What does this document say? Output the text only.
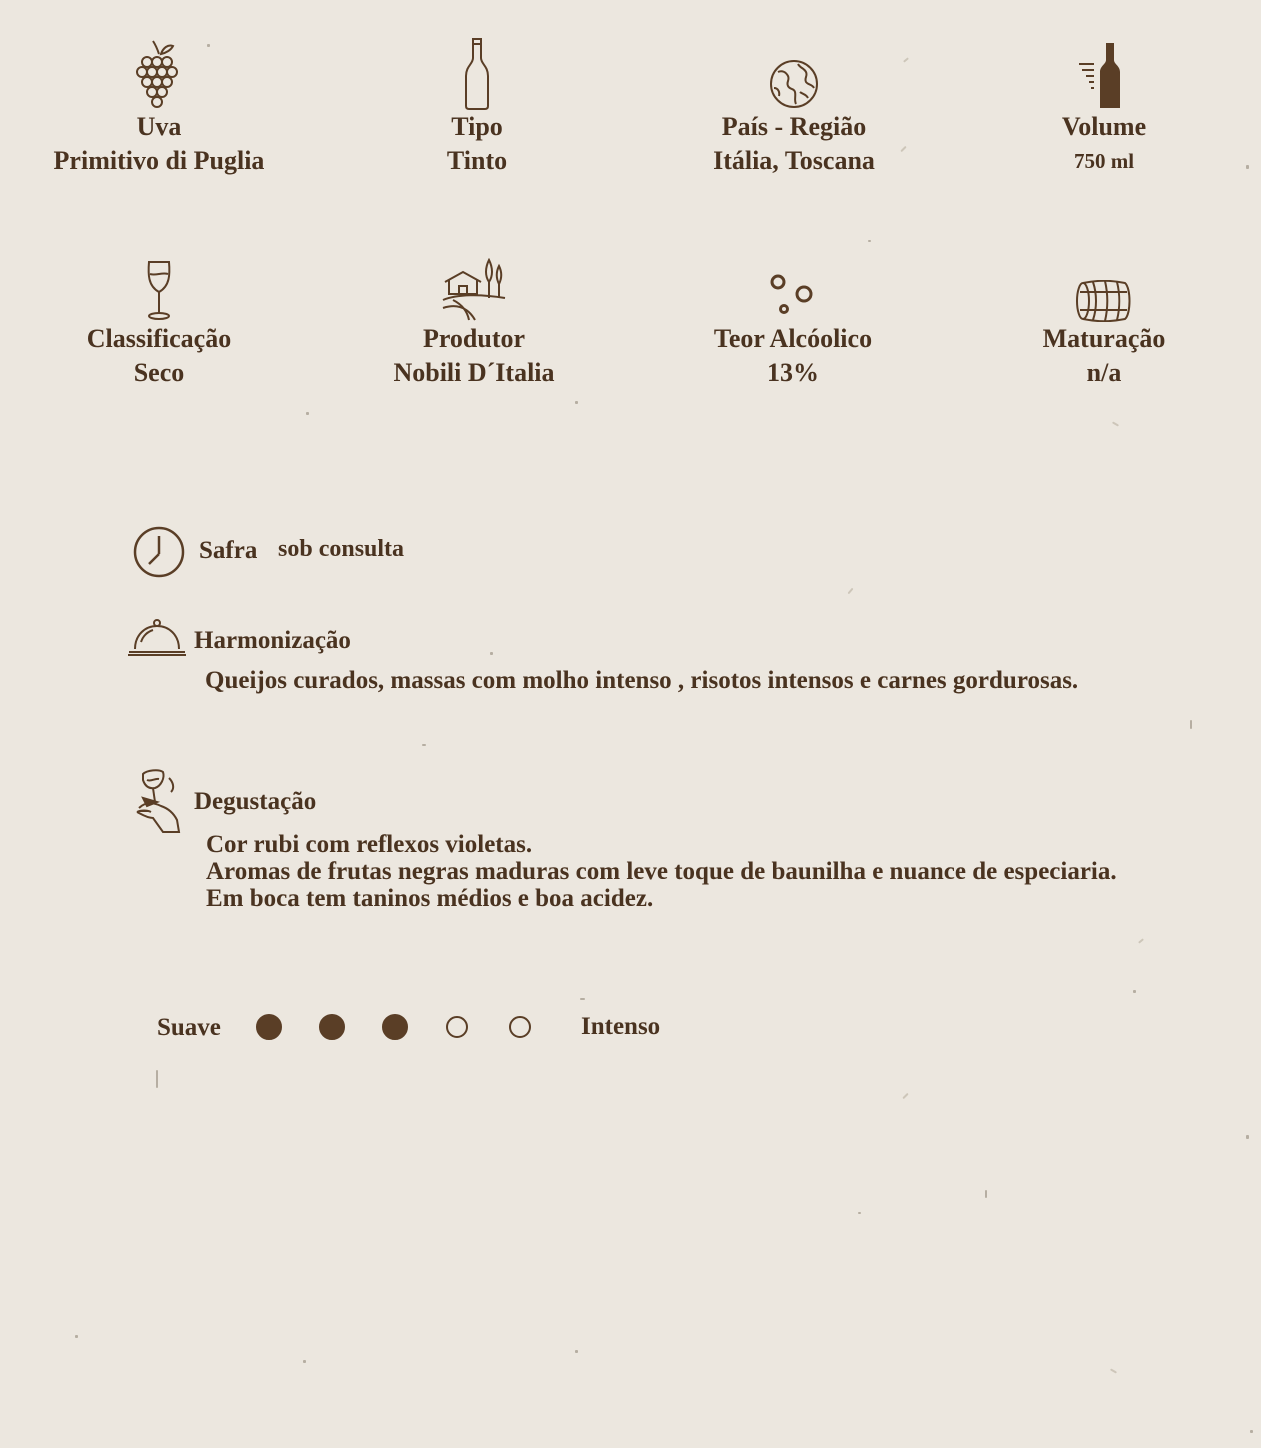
Uva
Primitivo di Puglia
Tipo
Tinto
País - Região
Itália, Toscana
Volume
750 ml
Classificação
Seco
Produtor
Nobili D´Italia
Teor Alcóolico
13%
Maturação
n/a
Safra sob consulta
Harmonização
Queijos curados, massas com molho intenso , risotos intensos e carnes gordurosas.
Degustação
Cor rubi com reflexos violetas.
Aromas de frutas negras maduras com leve toque de baunilha e nuance de especiaria.
Em boca tem taninos médios e boa acidez.
Suave	Intenso
